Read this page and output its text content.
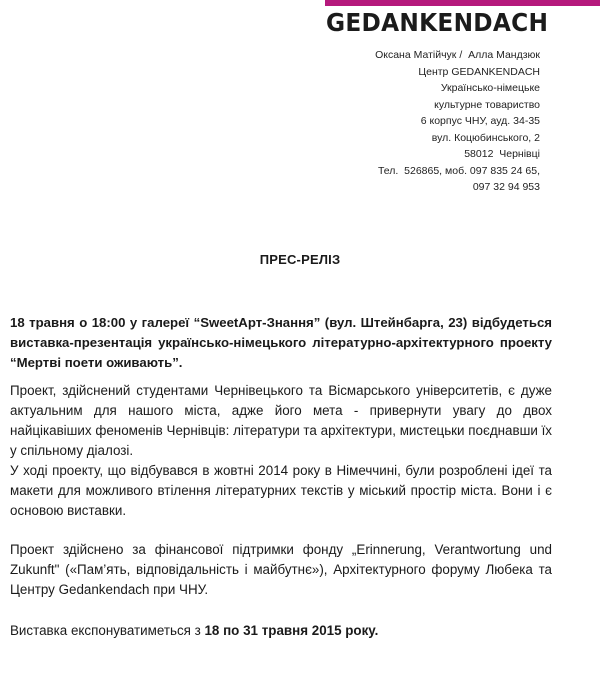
GEDANKENDACH
Оксана Матійчук /  Алла Мандзюк
Центр GEDANKENDACH
Українсько-німецьке
культурне товариство
6 корпус ЧНУ, ауд. 34-35
вул. Коцюбинського, 2
58012  Чернівці
Тел.  526865, моб. 097 835 24 65,
097 32 94 953
ПРЕС-РЕЛІЗ
18 травня о 18:00 у галереї “SweetАрт-Знання” (вул. Штейнбарга, 23) відбудеться виставка-презентація українсько-німецького літературно-архітектурного проекту “Мертві поети оживають”.
Проект, здійснений студентами Чернівецького та Вісмарського університетів, є дуже актуальним для нашого міста, адже його мета - привернути увагу до двох найцікавіших феноменів Чернівців: літератури та архітектури, мистецьки поєднавши їх у спільному діалозі.
У ході проекту, що відбувався в жовтні 2014 року в Німеччині, були розроблені ідеї та макети для можливого втілення літературних текстів у міський простір міста. Вони і є основою виставки.
Проект здійснено за фінансової підтримки фонду „Erinnerung, Verantwortung und Zukunft" («Пам’ять, відповідальність і майбутнє»), Архітектурного форуму Любека та Центру Gedankendach при ЧНУ.
Виставка експонуватиметься з 18 по 31 травня 2015 року.
